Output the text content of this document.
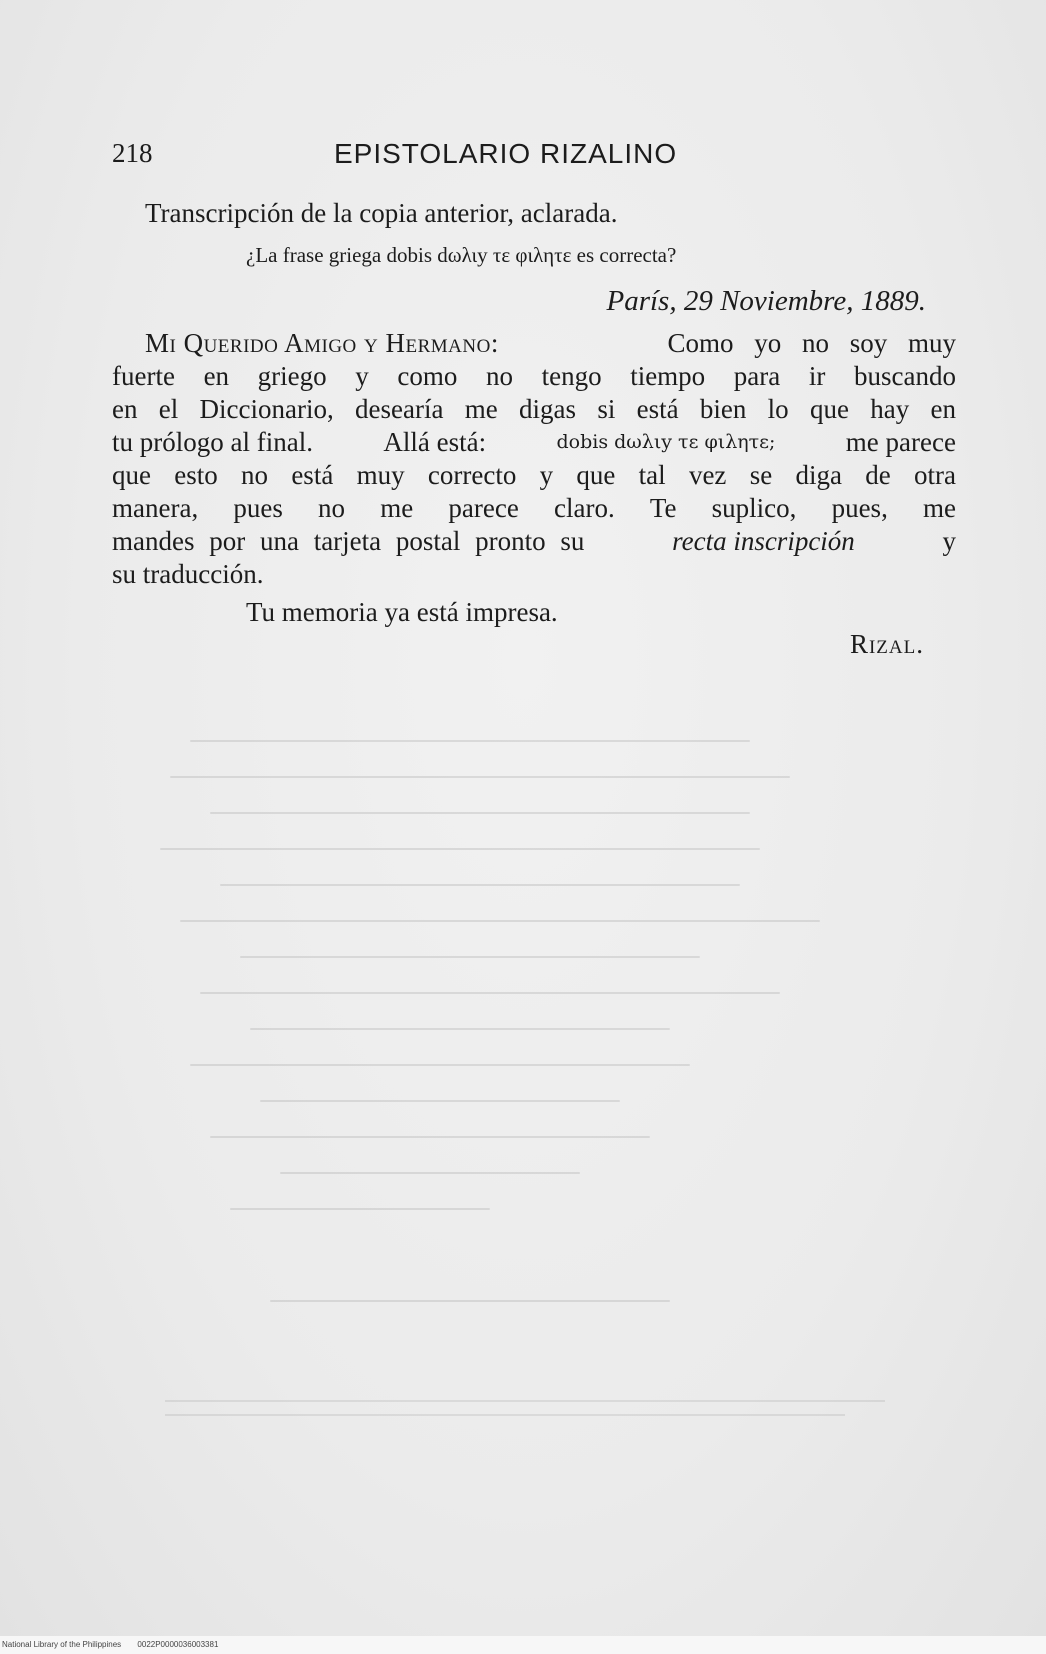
218	EPISTOLARIO RIZALINO
Transcripción de la copia anterior, aclarada.
¿La frase griega dobis dωλιy τε φιλητε es correcta?
París, 29 Noviembre, 1889.
Mi Querido Amigo y Hermano:	Como yo no soy muy
fuerte en griego y como no tengo tiempo para ir buscando
en el Diccionario, desearía me digas si está bien lo que hay en
tu prólogo al final.	Allá está:	dobis dωλιy τε φιλητε;	me parece
que esto no está muy correcto y que tal vez se diga de otra
manera, pues no me parece claro. Te suplico, pues, me
mandes por una tarjeta postal pronto su	recta inscripción	y
su traducción.
Tu memoria ya está impresa.
Rizal.
National Library of the Philippines 0022P0000036003381
